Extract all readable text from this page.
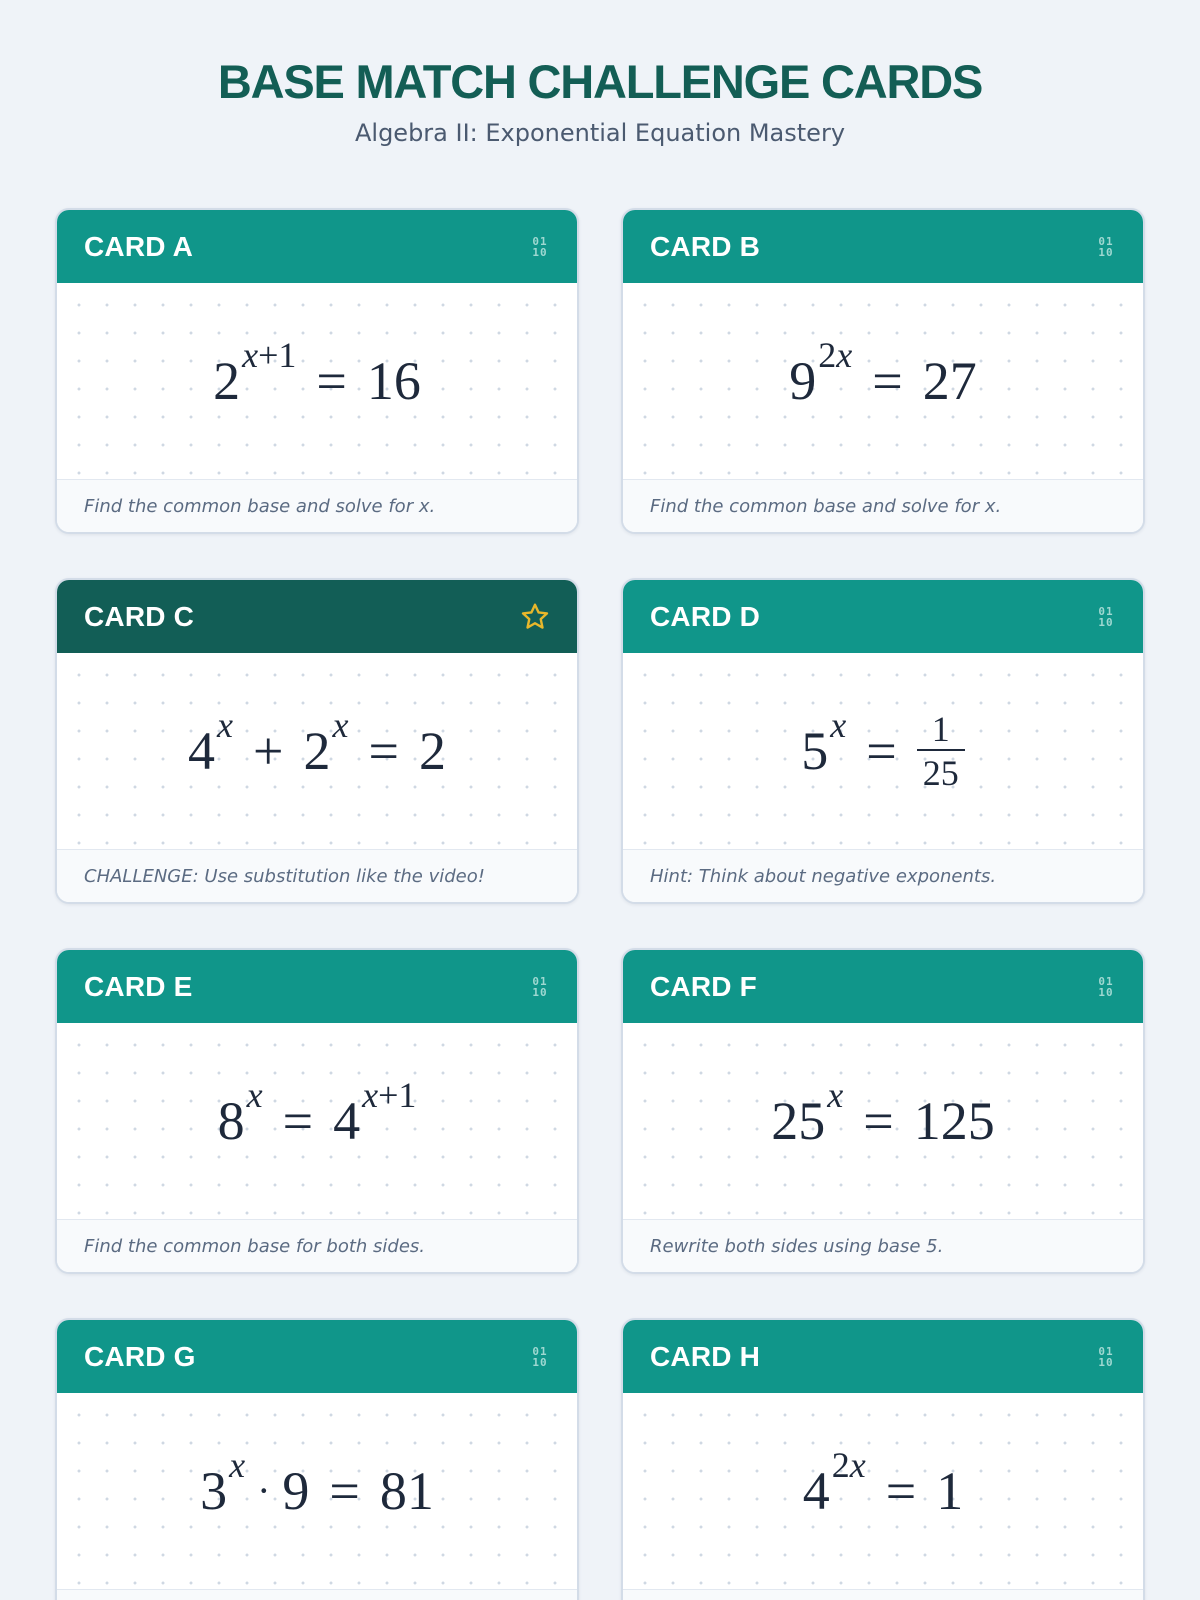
BASE MATCH CHALLENGE CARDS
Algebra II: Exponential Equation Mastery
CARD A	01
10
2 x+1 = 16
Find the common base and solve for x.
CARD B	01
10
9 2x = 27
Find the common base and solve for x.
CARD C
4 x + 2 x = 2
CHALLENGE: Use substitution like the video!
CARD D	01
10
5 $x = \frac{1}{25}$
Hint: Think about negative exponents.
CARD E	01
10
8 x = 4 x+1
Find the common base for both sides.
CARD F	01
10
25 x = 125
Rewrite both sides using base 5.
CARD G	01
10
3 x
· 9 = 81
CARD H	01
10
4 2x = 1
